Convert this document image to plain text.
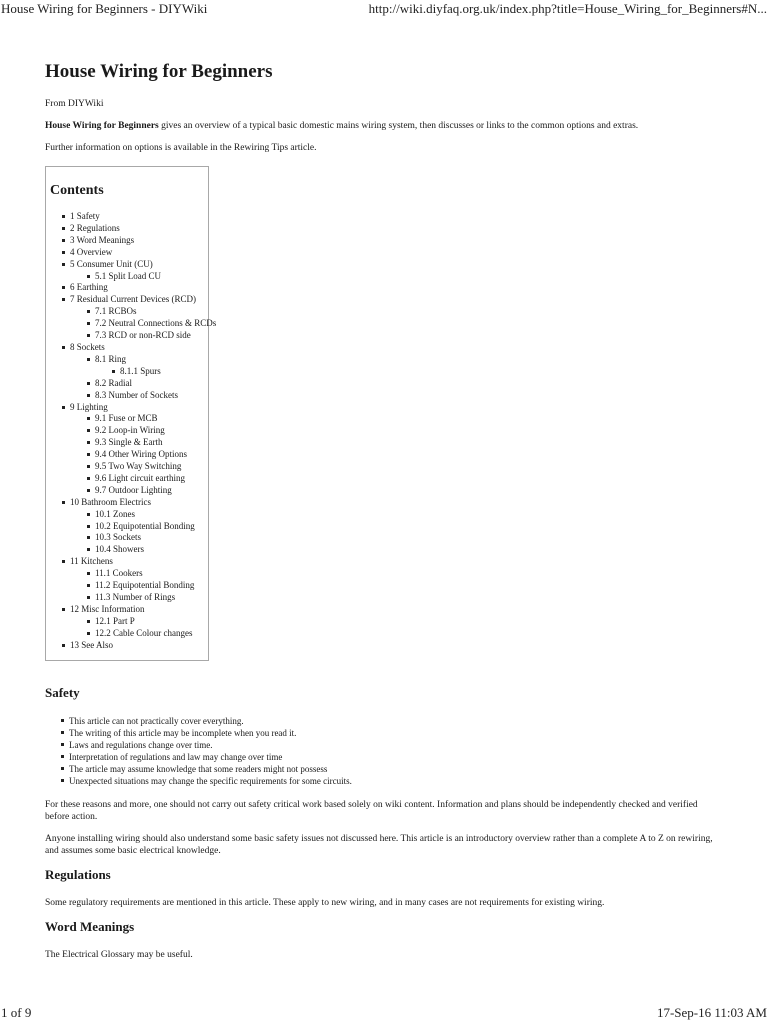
House Wiring for Beginners - DIYWiki	http://wiki.diyfaq.org.uk/index.php?title=House_Wiring_for_Beginners#N...
House Wiring for Beginners
From DIYWiki

House Wiring for Beginners gives an overview of a typical basic domestic mains wiring system, then discusses or links to the common options and extras.

Further information on options is available in the Rewiring Tips article.

Contents
1 Safety
2 Regulations
3 Word Meanings
4 Overview
5 Consumer Unit (CU)
5.1 Split Load CU
6 Earthing
7 Residual Current Devices (RCD)
7.1 RCBOs
7.2 Neutral Connections & RCDs
7.3 RCD or non-RCD side
8 Sockets
8.1 Ring
8.1.1 Spurs
8.2 Radial
8.3 Number of Sockets
9 Lighting
9.1 Fuse or MCB
9.2 Loop-in Wiring
9.3 Single & Earth
9.4 Other Wiring Options
9.5 Two Way Switching
9.6 Light circuit earthing
9.7 Outdoor Lighting
10 Bathroom Electrics
10.1 Zones
10.2 Equipotential Bonding
10.3 Sockets
10.4 Showers
11 Kitchens
11.1 Cookers
11.2 Equipotential Bonding
11.3 Number of Rings
12 Misc Information
12.1 Part P
12.2 Cable Colour changes
13 See Also
Safety
This article can not practically cover everything.
The writing of this article may be incomplete when you read it.
Laws and regulations change over time.
Interpretation of regulations and law may change over time
The article may assume knowledge that some readers might not possess
Unexpected situations may change the specific requirements for some circuits.

For these reasons and more, one should not carry out safety critical work based solely on wiki content. Information and plans should be independently checked and verified before action.

Anyone installing wiring should also understand some basic safety issues not discussed here. This article is an introductory overview rather than a complete A to Z on rewiring, and assumes some basic electrical knowledge.

Regulations

Some regulatory requirements are mentioned in this article. These apply to new wiring, and in many cases are not requirements for existing wiring.

Word Meanings

The Electrical Glossary may be useful.

1 of 9	17-Sep-16 11:03 AM
